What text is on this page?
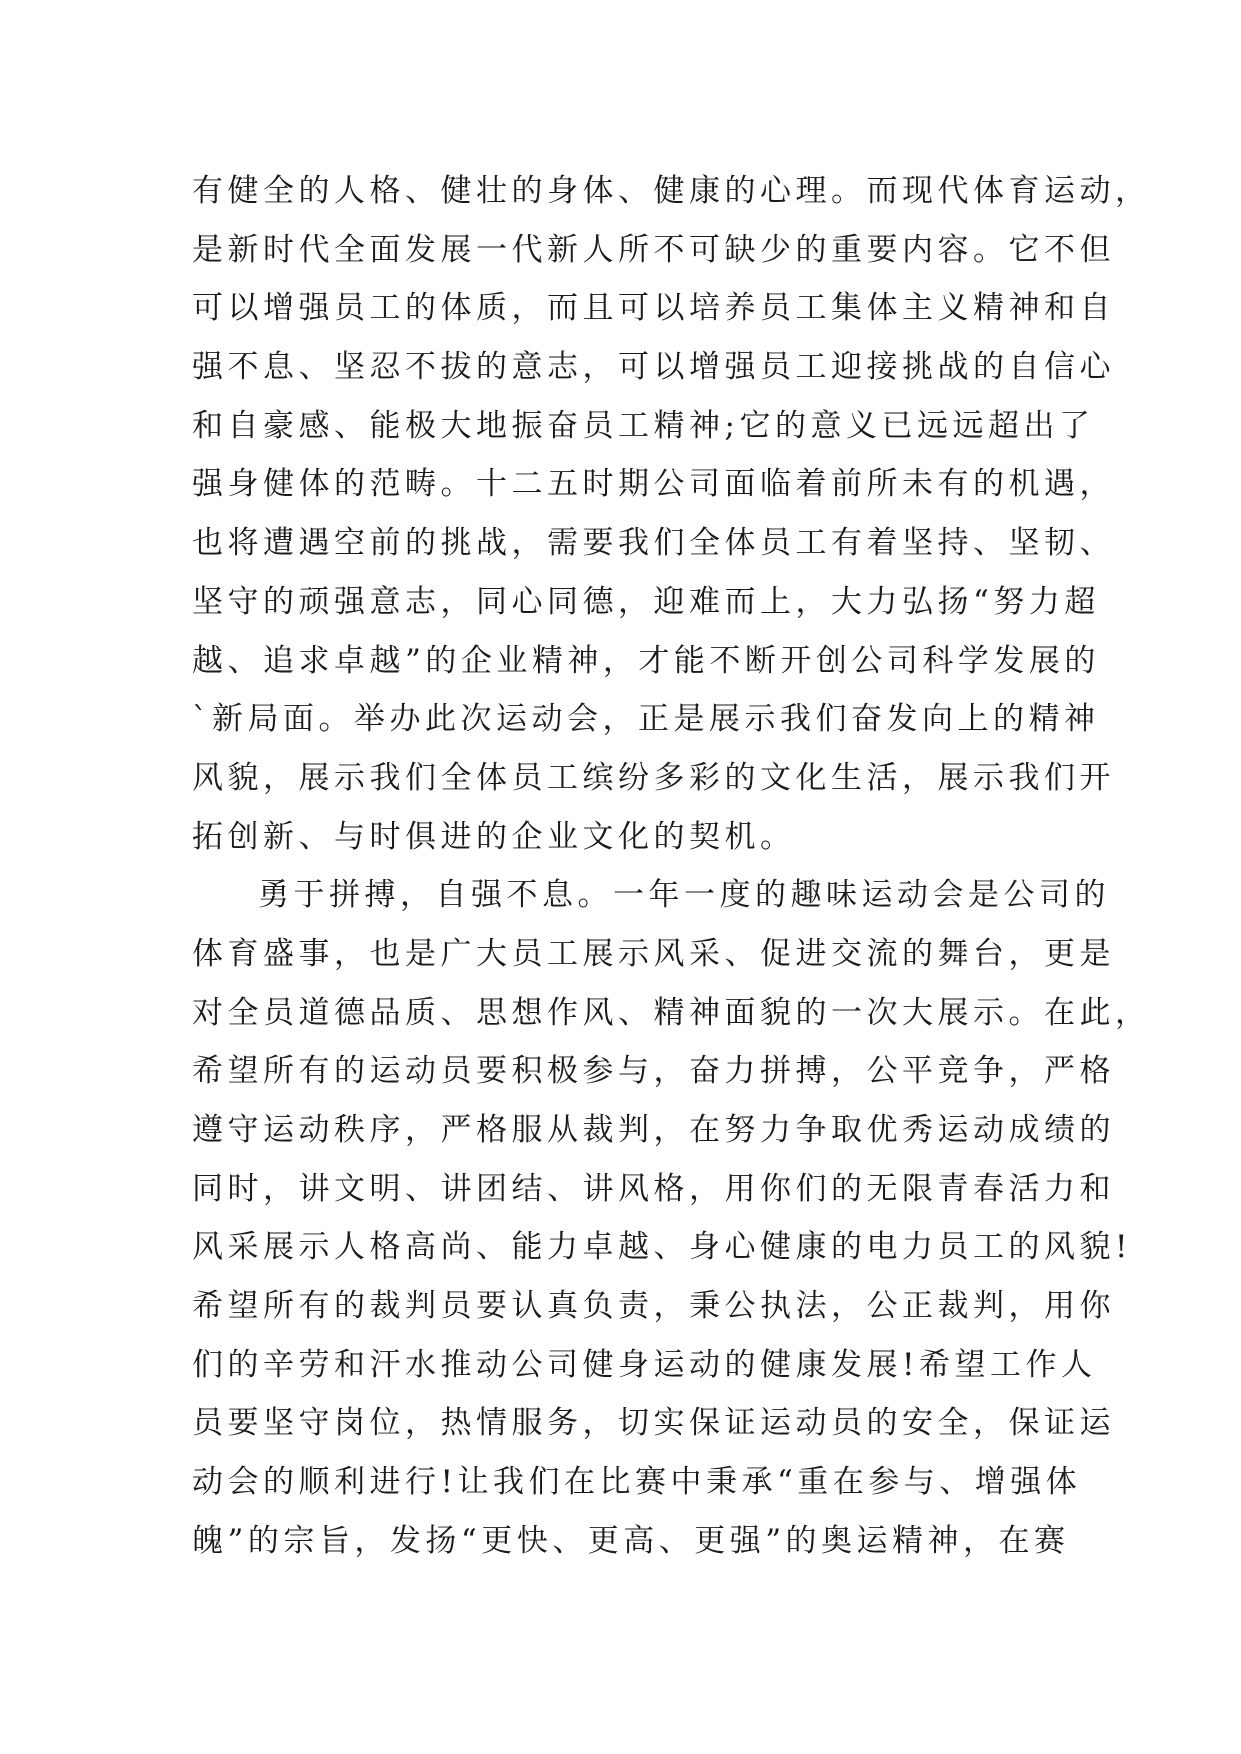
有健全的人格、健壮的身体、健康的心理。而现代体育运动，
是新时代全面发展一代新人所不可缺少的重要内容。它不但
可以增强员工的体质，而且可以培养员工集体主义精神和自
强不息、坚忍不拔的意志，可以增强员工迎接挑战的自信心
和自豪感、能极大地振奋员工精神;它的意义已远远超出了
强身健体的范畴。十二五时期公司面临着前所未有的机遇，
也将遭遇空前的挑战，需要我们全体员工有着坚持、坚韧、
坚守的顽强意志，同心同德，迎难而上，大力弘扬“努力超
越、追求卓越”的企业精神，才能不断开创公司科学发展的
`新局面。举办此次运动会，正是展示我们奋发向上的精神
风貌，展示我们全体员工缤纷多彩的文化生活，展示我们开
拓创新、与时俱进的企业文化的契机。
勇于拼搏，自强不息。一年一度的趣味运动会是公司的
体育盛事，也是广大员工展示风采、促进交流的舞台，更是
对全员道德品质、思想作风、精神面貌的一次大展示。在此，
希望所有的运动员要积极参与，奋力拼搏，公平竞争，严格
遵守运动秩序，严格服从裁判，在努力争取优秀运动成绩的
同时，讲文明、讲团结、讲风格，用你们的无限青春活力和
风采展示人格高尚、能力卓越、身心健康的电力员工的风貌!
希望所有的裁判员要认真负责，秉公执法，公正裁判，用你
们的辛劳和汗水推动公司健身运动的健康发展!希望工作人
员要坚守岗位，热情服务，切实保证运动员的安全，保证运
动会的顺利进行!让我们在比赛中秉承“重在参与、增强体
魄”的宗旨，发扬“更快、更高、更强”的奥运精神，在赛
